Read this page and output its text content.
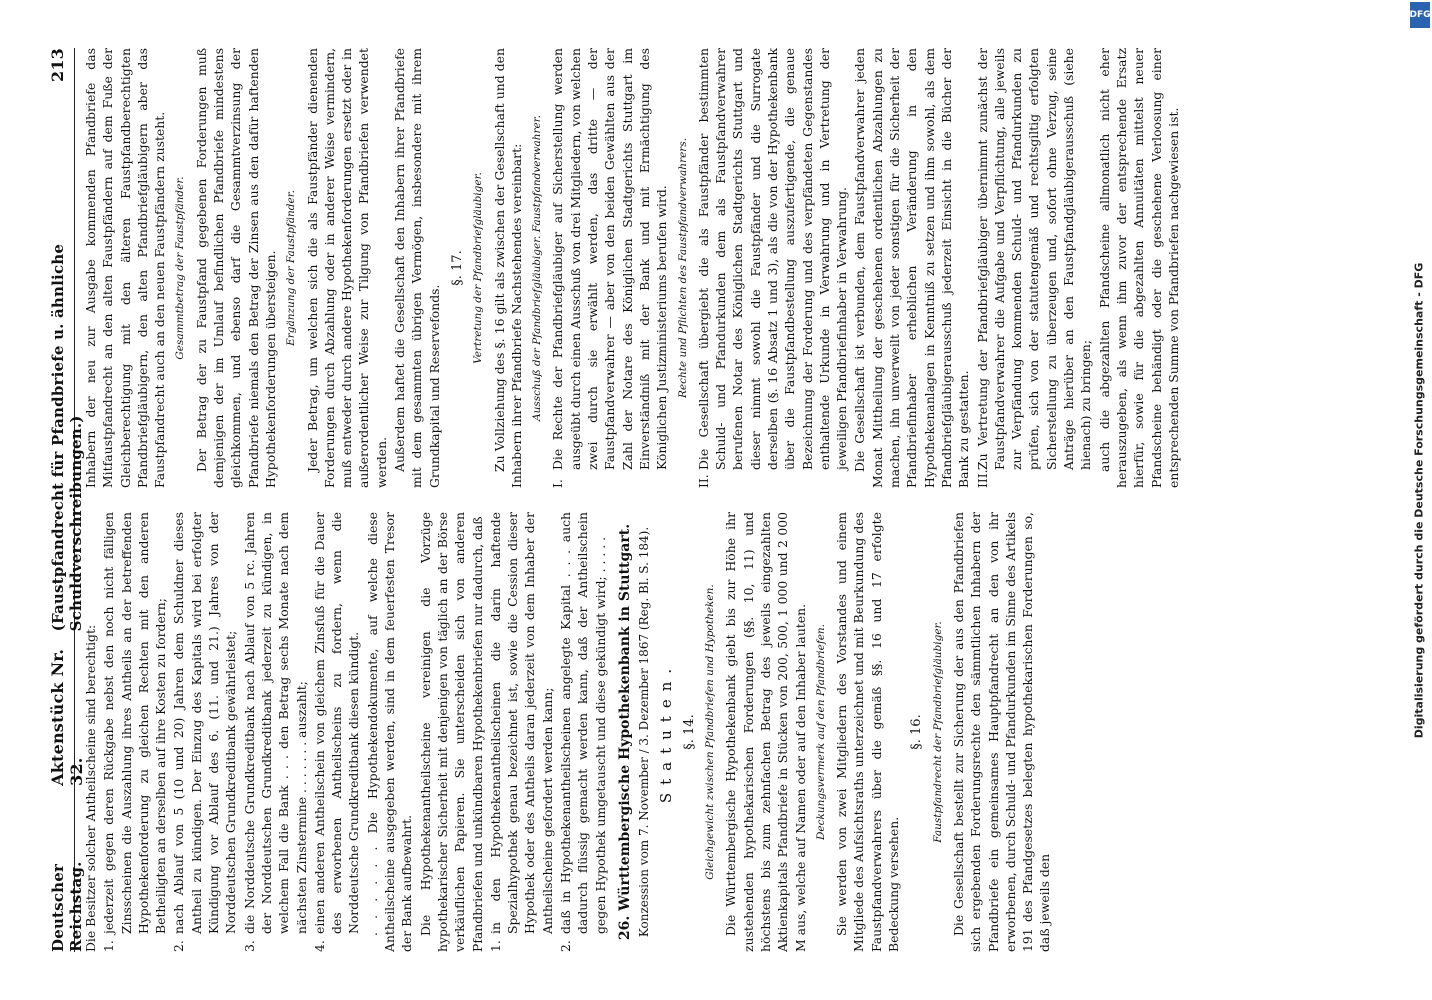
Deutscher Reichstag.
Aktenstück Nr. 32.
(Faustpfandrecht für Pfandbriefe u. ähnliche Schuldverschreibungen.)
213

Die Besitzer solcher Antheilscheine sind berechtigt: 1.
jederzeit gegen deren Rückgabe nebst den noch nicht fälligen Zinsscheinen die Auszahlung ihres Antheils an der betreffenden Hypothekenforderung zu gleichen Rechten mit den anderen Betheiligten an derselben auf ihre Kosten zu fordern;
2.
nach Ablauf von 5 (10 und 20) Jahren dem Schuldner dieses Antheil zu kündigen. Der Einzug des Kapitals wird bei erfolgter Kündigung vor Ablauf des 6. (11. und 21.) Jahres von der Norddeutschen Grundkreditbank gewährleistet;
3.
die Norddeutsche Grundkreditbank nach Ablauf von 5 rc. Jahren der Norddeutschen Grundkreditbank jederzeit zu kündigen, in welchem Fall die Bank . . . den Betrag sechs Monate nach dem nächsten Zinstermine . . . . . . . auszahlt;
4.
einen anderen Antheilschein von gleichem Zinsfuß für die Dauer des erworbenen Antheilscheins zu fordern, wenn die Norddeutsche Grundkreditbank diesen kündigt. . . . . . . Die Hypothekendokumente, auf welche diese Antheilscheine ausgegeben werden, sind in dem feuerfesten Tresor der Bank aufbewahrt. Die Hypothekenantheilscheine vereinigen die Vorzüge hypothekarischer Sicherheit mit denjenigen von täglich an der Börse verkäuflichen Papieren. Sie unterscheiden sich von anderen Pfandbriefen und unkündbaren Hypothekenbriefen nur dadurch, daß 1.
in den Hypothekenantheilscheinen die darin haftende Spezialhypothek genau bezeichnet ist, sowie die Cession dieser Hypothek oder des Antheils daran jederzeit von dem Inhaber der Antheilscheine gefordert werden kann;
2.
daß in Hypothekenantheilscheinen angelegte Kapital . . . auch dadurch flüssig gemacht werden kann, daß der Antheilschein gegen Hypothek umgetauscht und diese gekündigt wird; . . . . . 26. Württembergische Hypothekenbank in Stuttgart. Konzession vom 7. November / 3. Dezember 1867 (Reg. Bl. S. 184). Statuten. §. 14. Gleichgewicht zwischen Pfandbriefen und Hypotheken. Die Württembergische Hypothekenbank giebt bis zur Höhe ihr zustehenden hypothekarischen Forderungen (§§. 10, 11) und höchstens bis zum zehnfachen Betrag des jeweils eingezahlten Aktienkapitals Pfandbriefe in Stücken von 200, 500, 1 000 und 2 000 M aus, welche auf Namen oder auf den Inhaber lauten. Deckungsvermerk auf den Pfandbriefen. Sie werden von zwei Mitgliedern des Vorstandes und einem Mitgliede des Aufsichtsraths unterzeichnet und mit Beurkundung des Faustpfandverwahrers über die gemäß §§. 16 und 17 erfolgte Bedeckung versehen.

§. 16. Faustpfandrecht der Pfandbriefgläubiger. Die Gesellschaft bestellt zur Sicherung der aus den Pfandbriefen sich ergebenden Forderungsrechte den sämmtlichen Inhabern der Pfandbriefe ein gemeinsames Hauptpfandrecht an den von ihr erworbenen, durch Schuld- und Pfandurkunden im Sinne des Artikels 191 des Pfandgesetzes belegten hypothekarischen Forderungen so, daß jeweils den

Inhabern der neu zur Ausgabe kommenden Pfandbriefe das Mitfaustpfandrecht an den alten Faustpfändern auf dem Fuße der Gleichberechtigung mit den älteren Faustpfandberechtigten Pfandbriefgläubigern, den alten Pfandbriefgläubigern aber das Faustpfandrecht auch an den neuen Faustpfändern zusteht. Gesammtbetrag der Faustpfänder. Der Betrag der zu Faustpfand gegebenen Forderungen muß demjenigen der im Umlauf befindlichen Pfandbriefe mindestens gleichkommen, und ebenso darf die Gesammtverzinsung der Pfandbriefe niemals den Betrag der Zinsen aus den dafür haftenden Hypothekenforderungen übersteigen. Ergänzung der Faustpfänder. Jeder Betrag, um welchen sich die als Faustpfänder dienenden Forderungen durch Abzahlung oder in anderer Weise vermindern, muß entweder durch andere Hypothekenforderungen ersetzt oder in außerordentlicher Weise zur Tilgung von Pfandbriefen verwendet werden. Außerdem haftet die Gesellschaft den Inhabern ihrer Pfandbriefe mit dem gesammten übrigen Vermögen, insbesondere mit ihrem Grundkapital und Reservefonds.

§. 17. Vertretung der Pfandbriefgläubiger. Zu Vollziehung des §. 16 gilt als zwischen der Gesellschaft und den Inhabern ihrer Pfandbriefe Nachstehendes vereinbart: Ausschuß der Pfandbriefgläubiger. Faustpfandverwahrer.
I.
Die Rechte der Pfandbriefgläubiger auf Sicherstellung werden ausgeübt durch einen Ausschuß von drei Mitgliedern, von welchen zwei durch sie erwählt werden, das dritte — der Faustpfandverwahrer — aber von den beiden Gewählten aus der Zahl der Notare des Königlichen Stadtgerichts Stuttgart im Einverständniß mit der Bank und mit Ermächtigung des Königlichen Justizministeriums berufen wird. Rechte und Pflichten des Faustpfandverwahrers.
II.
Die Gesellschaft übergiebt die als Faustpfänder bestimmten Schuld- und Pfandurkunden dem als Faustpfandverwahrer berufenen Notar des Königlichen Stadtgerichts Stuttgart und dieser nimmt sowohl die Faustpfänder und die Surrogate derselben (§. 16 Absatz 1 und 3), als die von der Hypothekenbank über die Faustpfandbestellung auszufertigende, die genaue Bezeichnung der Forderung und des verpfändeten Gegenstandes enthaltende Urkunde in Verwahrung und in Vertretung der jeweiligen Pfandbriefinhaber in Verwahrung. Die Gesellschaft ist verbunden, dem Faustpfandverwahrer jeden Monat Mittheilung der geschehenen ordentlichen Abzahlungen zu machen, ihn unverweilt von jeder sonstigen für die Sicherheit der Pfandbriefinhaber erheblichen Veränderung in den Hypothekenanlagen in Kenntniß zu setzen und ihm sowohl, als dem Pfandbriefgläubigerausschuß jederzeit Einsicht in die Bücher der Bank zu gestatten. III.
Zu Vertretung der Pfandbriefgläubiger übernimmt zunächst der Faustpfandverwahrer die Aufgabe und Verpflichtung, alle jeweils zur Verpfändung kommenden Schuld- und Pfandurkunden zu prüfen, sich von der statutengemäß und rechtsgiltig erfolgten Sicherstellung zu überzeugen und, sofort ohne Verzug, seine Anträge hierüber an den Faustpfandgläubigerausschuß (siehe hienach) zu bringen; auch die abgezahlten Pfandscheine allmonatlich nicht eher herauszugeben, als wenn ihm zuvor der entsprechende Ersatz hierfür, sowie für die abgezahlten Annuitäten mittelst neuer Pfandscheine behändigt oder die geschehene Verloosung einer entsprechenden Summe von Pfandbriefen nachgewiesen ist.

DFG
Digitalisierung gefördert durch die Deutsche Forschungsgemeinschaft - DFG
